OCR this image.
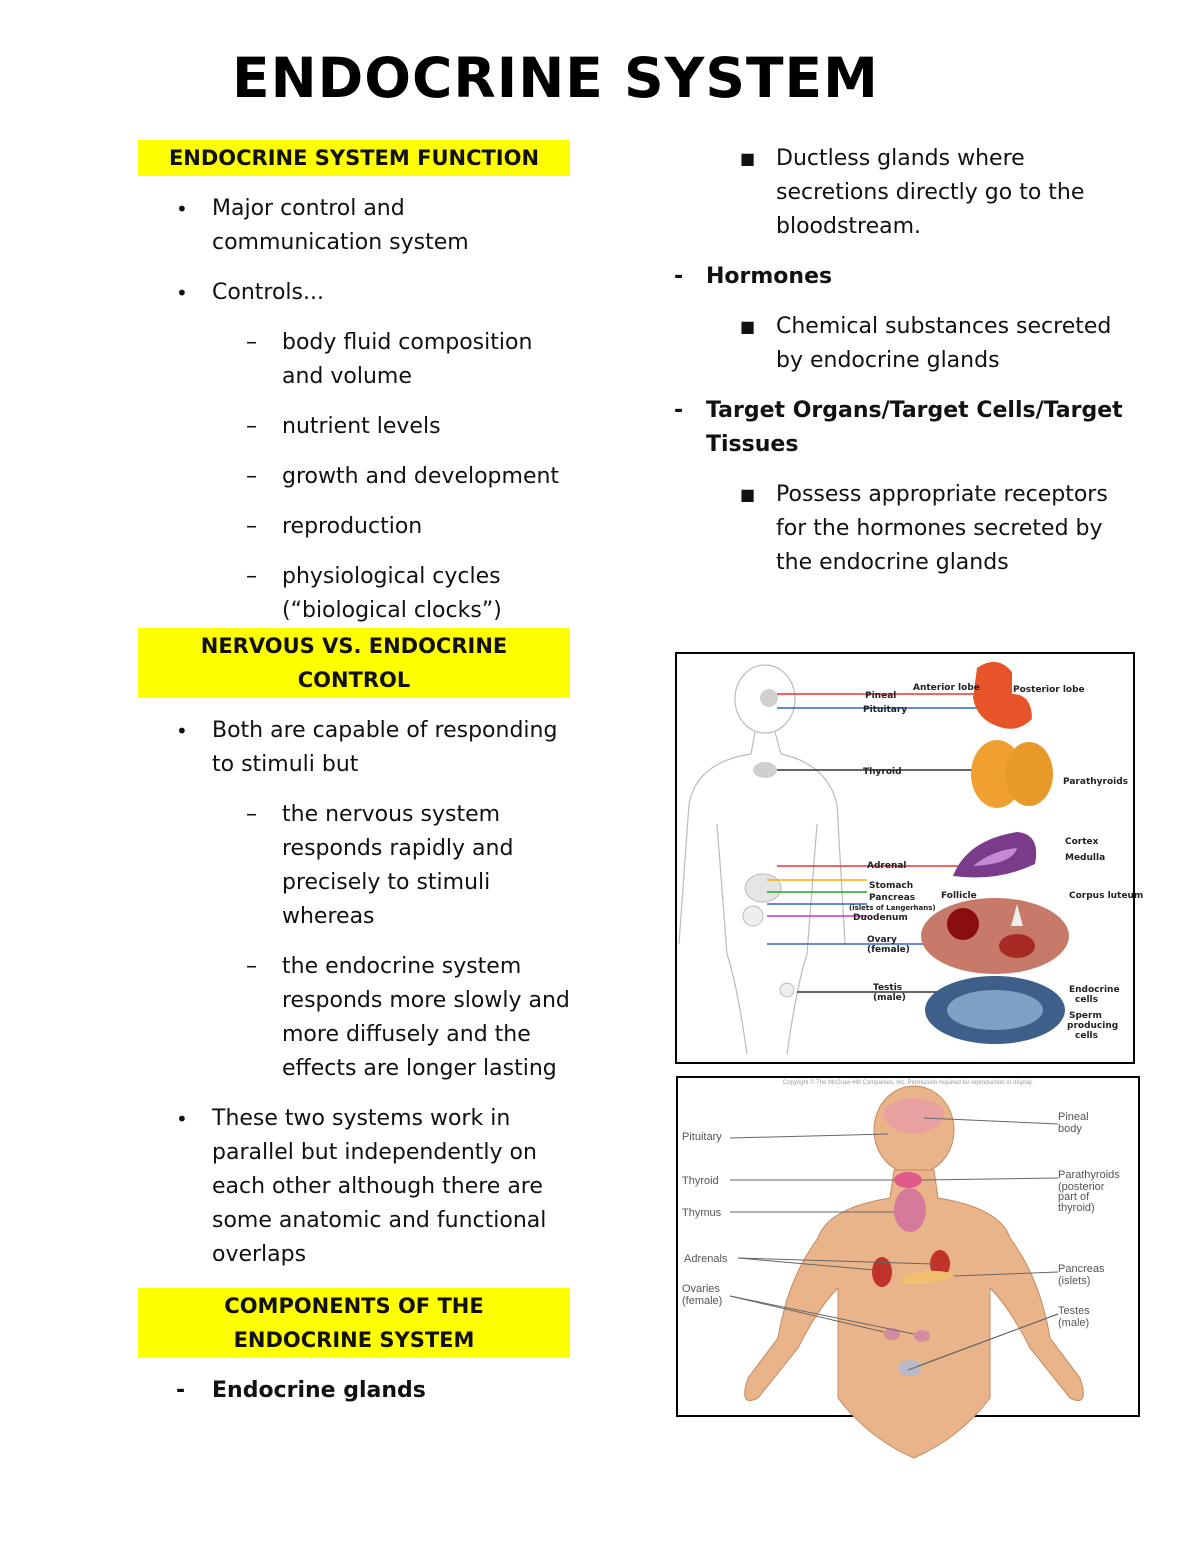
ENDOCRINE SYSTEM
ENDOCRINE SYSTEM FUNCTION
• Major control and communication system
• Controls...
– body fluid composition and volume
– nutrient levels
– growth and development
– reproduction
– physiological cycles (“biological clocks”)
NERVOUS VS. ENDOCRINE CONTROL
• Both are capable of responding to stimuli but
– the nervous system responds rapidly and precisely to stimuli whereas
– the endocrine system responds more slowly and more diffusely and the effects are longer lasting
• These two systems work in parallel but independently on each other although there are some anatomic and functional overlaps
COMPONENTS OF THE
ENDOCRINE SYSTEM
- Endocrine glands
■ Ductless glands where secretions directly go to the bloodstream.
- Hormones
■ Chemical substances secreted by endocrine glands
- Target Organs/Target Cells/Target Tissues
■ Possess appropriate receptors for the hormones secreted by the endocrine glands
Anterior lobe	Posterior lobe
Pineal
Pituitary
Thyroid
Parathyroids
Cortex
Medulla
Adrenal
Stomach
Pancreas
(islets of Langerhans)
Duodenum
Follicle	Corpus luteum
Ovary
(female)
Testis
(male)
Endocrine
cells
Sperm
producing
cells
Copyright © The McGraw-Hill Companies, Inc. Permission required for reproduction or display.
Pituitary
Thyroid
Thymus
Adrenals
Ovaries
(female)
Pineal
body
Parathyroids
(posterior
part of
thyroid)
Pancreas
(islets)
Testes
(male)
